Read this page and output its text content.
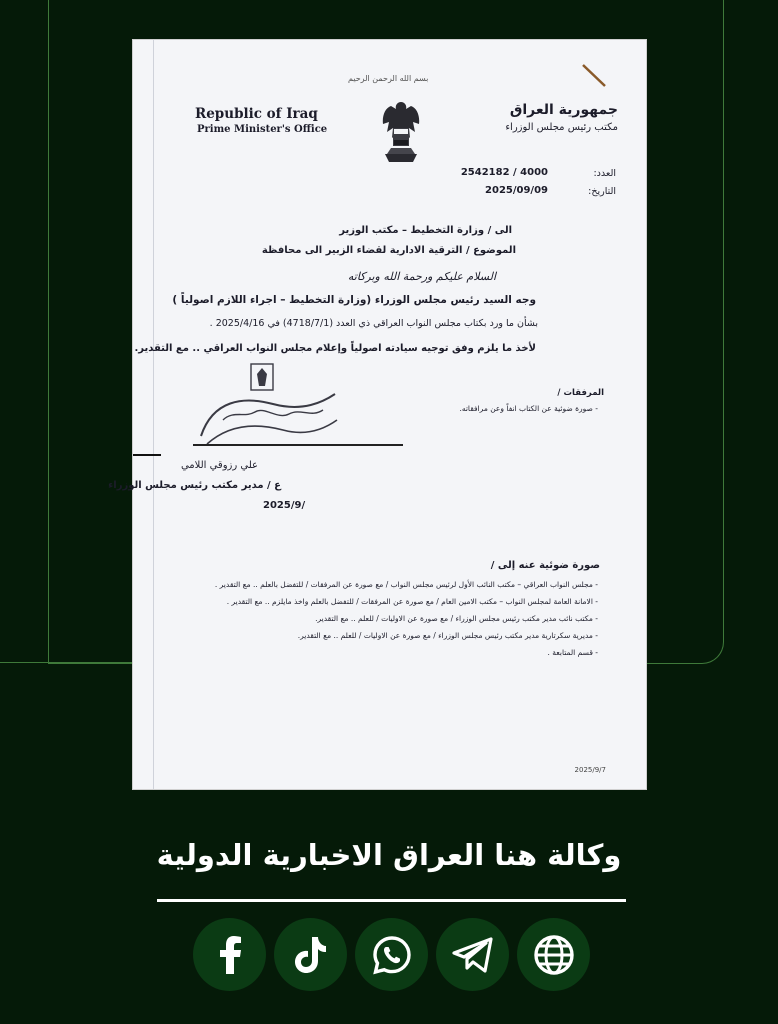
بسم الله الرحمن الرحيم
Republic of Iraq
Prime Minister's Office
جمهورية العراق
مكتب رئيس مجلس الوزراء
العدد:
2542182 / 4000
التاريخ:
2025/09/09
الى / وزارة التخطيط – مكتب الوزير
الموضوع / الترقية الادارية لقضاء الزبير الى محافظة
السلام عليكم ورحمة الله وبركاته
وجه السيد رئيس مجلس الوزراء (وزارة التخطيط – اجراء اللازم اصولياً )
بشأن ما ورد بكتاب مجلس النواب العراقي ذي العدد (4718/7/1) في 2025/4/16 .
لأخذ ما يلزم وفق توجيه سيادته اصولياً وإعلام مجلس النواب العراقي .. مع التقدير.
المرفقات /
- صورة ضوئية عن الكتاب انفاً وعن مرافقاته.
علي رزوقي اللامي
ع / مدير مكتب رئيس مجلس الوزراء
2025/9/
صورة ضوئية عنه إلى /
- مجلس النواب العراقي – مكتب النائب الأول لرئيس مجلس النواب / مع صورة عن المرفقات / للتفضل بالعلم .. مع التقدير .
- الامانة العامة لمجلس النواب – مكتب الامين العام / مع صورة عن المرفقات / للتفضل بالعلم واخذ مايلزم .. مع التقدير .
- مكتب نائب مدير مكتب رئيس مجلس الوزراء / مع صورة عن الاوليات / للعلم .. مع التقدير.
- مديرية سكرتارية مدير مكتب رئيس مجلس الوزراء / مع صورة عن الاوليات / للعلم .. مع التقدير.
- قسم المتابعة .
2025/9/7
وكالة هنا العراق الاخبارية الدولية
